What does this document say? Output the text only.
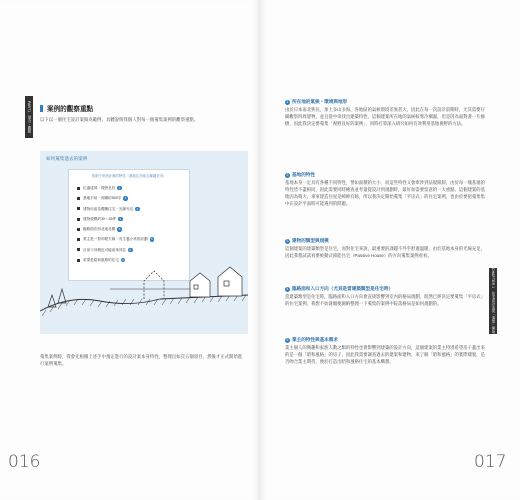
PART1　理念・觀點	案例的觀察重點
以下以一個住宅設計案做為範例，具體說明我個人對每一個蒐集案例的觀察重點。
如何蒐集過去的案例
依創子申設計案的特性（基地位在崎玉縣越谷市）
位處遠郊・視野良好	1
基地平坦・面積約500平	1
建物用途為獨棟住宅・光線充足	2
建物規模約30～35坪	3
臨路面在西北東北側	4
業主是一對年輕夫婦・有生養小孩的計劃	5
目前父母親也可能前來同住	5
希望是昭和風格的住宅	5
蒐集案例時，我會先根據上述手中預定進行的設計案本身特性，整理出如頁五個項目，然後才正式開始進行案例蒐集。
016
CHAPTER 1　住宅設計先從「蒐集」開始
1 所在地的氣候・環境與地形
由於日本南北狹長，加上多山多海，各地區的氣候環境差異甚大，因此在每一次設計前期時，尤其需要仔細觀察四周建物，並且從中尋找出建築特性，這個建案所在地的氣候較寒冷潮濕，但是因為面對著一片綠樹，因此我決定要蒐集「視野良好的案例」，同時打算深入研究如何有效利用基地視野的方法。
2 基地的特性
基地本身一定具有各種不同特性，譬如面積的大小、而這些特性又會牽涉到法規限制，由於每一塊基地的特性皆不盡相同，因此需要同時檢查並考量從設計到規劃時，最好加需要留意的一大重點。這個建案的基地因為夠大，拿來建造住屋是綽綽有餘，所以我決定開始蒐集「平房式」的住宅案例，也由於要把蒐集集中在設計平面時可能遇到的問題。
3 建物的類型與規模
這個建案的建築類型是住宅，而對住宅來說，最重要的課題不外乎舒適溫暖，由於基地本身的光線充足，因此我想試試看要被動式節能住宅（Passive House）的方向蒐集案例看看。
4 臨路面和入口方向（尤其是當建築類型是住宅時）
當建築類型是住宅時，臨路面和入口方向會直接影響到室內的格局規劃，既然已經決定要蒐集「平房式」的住宅案例，我想不妨就順便歸納整理一下蒐集的案例中院落格局是如何規劃的。
5 業主的特性與基本需求
業主個人的興趣和家族人數之類的特性也會影響到建築的設計方向，這個建案的業主特別希望房子蓋出來的是一個「昭和風格」的房子，因此我需要調查過去的建案和建物，來了解「昭和風格」的實際樣貌，是否吻合業主期待，便於打造出昭和風格住宅的基本構想。
017
